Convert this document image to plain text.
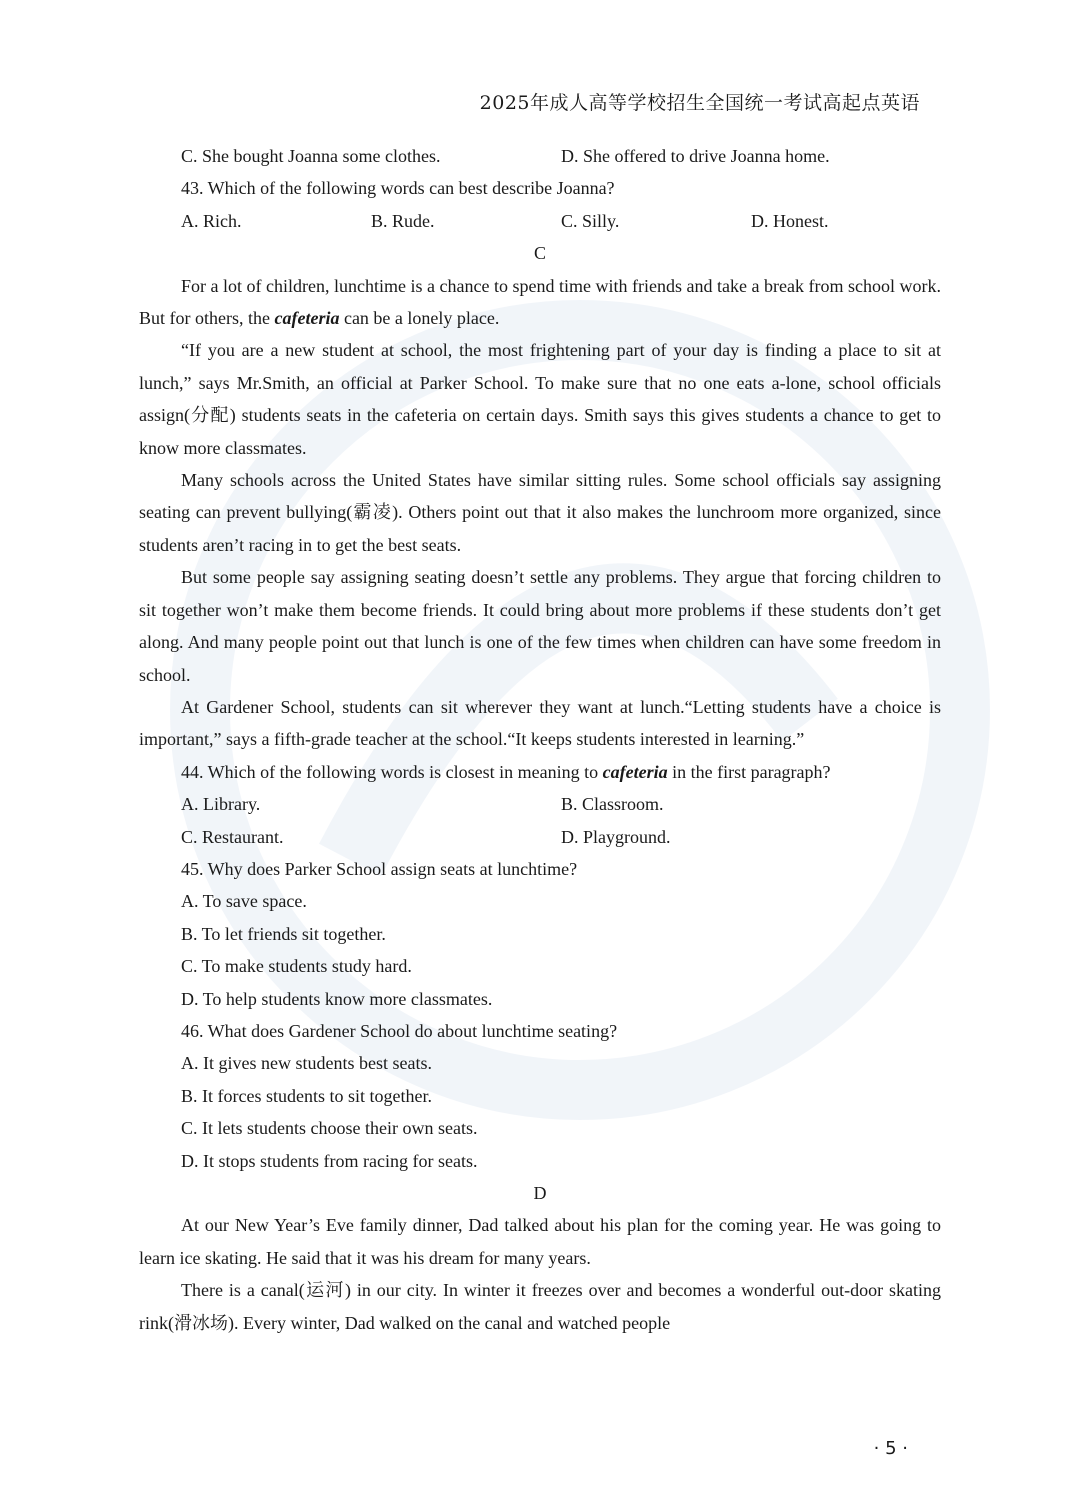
2025年成人高等学校招生全国统一考试高起点英语
C. She bought Joanna some clothes.	D. She offered to drive Joanna home.
43. Which of the following words can best describe Joanna?
A. Rich.	B. Rude.	C. Silly.	D. Honest.
C
For a lot of children, lunchtime is a chance to spend time with friends and take a break from school work. But for others, the cafeteria can be a lonely place.
“If you are a new student at school, the most frightening part of your day is finding a place to sit at lunch,” says Mr.Smith, an official at Parker School. To make sure that no one eats a-lone, school officials assign(分配) students seats in the cafeteria on certain days. Smith says this gives students a chance to get to know more classmates.
Many schools across the United States have similar sitting rules. Some school officials say assigning seating can prevent bullying(霸凌). Others point out that it also makes the lunchroom more organized, since students aren’t racing in to get the best seats.
But some people say assigning seating doesn’t settle any problems. They argue that forcing children to sit together won’t make them become friends. It could bring about more problems if these students don’t get along. And many people point out that lunch is one of the few times when children can have some freedom in school.
At Gardener School, students can sit wherever they want at lunch.“Letting students have a choice is important,” says a fifth-grade teacher at the school.“It keeps students interested in learning.”
44. Which of the following words is closest in meaning to cafeteria in the first paragraph?
A. Library.	B. Classroom.
C. Restaurant.	D. Playground.
45. Why does Parker School assign seats at lunchtime?
A. To save space.
B. To let friends sit together.
C. To make students study hard.
D. To help students know more classmates.
46. What does Gardener School do about lunchtime seating?
A. It gives new students best seats.
B. It forces students to sit together.
C. It lets students choose their own seats.
D. It stops students from racing for seats.
D
At our New Year’s Eve family dinner, Dad talked about his plan for the coming year. He was going to learn ice skating. He said that it was his dream for many years.
There is a canal(运河) in our city. In winter it freezes over and becomes a wonderful out-door skating rink(滑冰场). Every winter, Dad walked on the canal and watched people
· 5 ·
